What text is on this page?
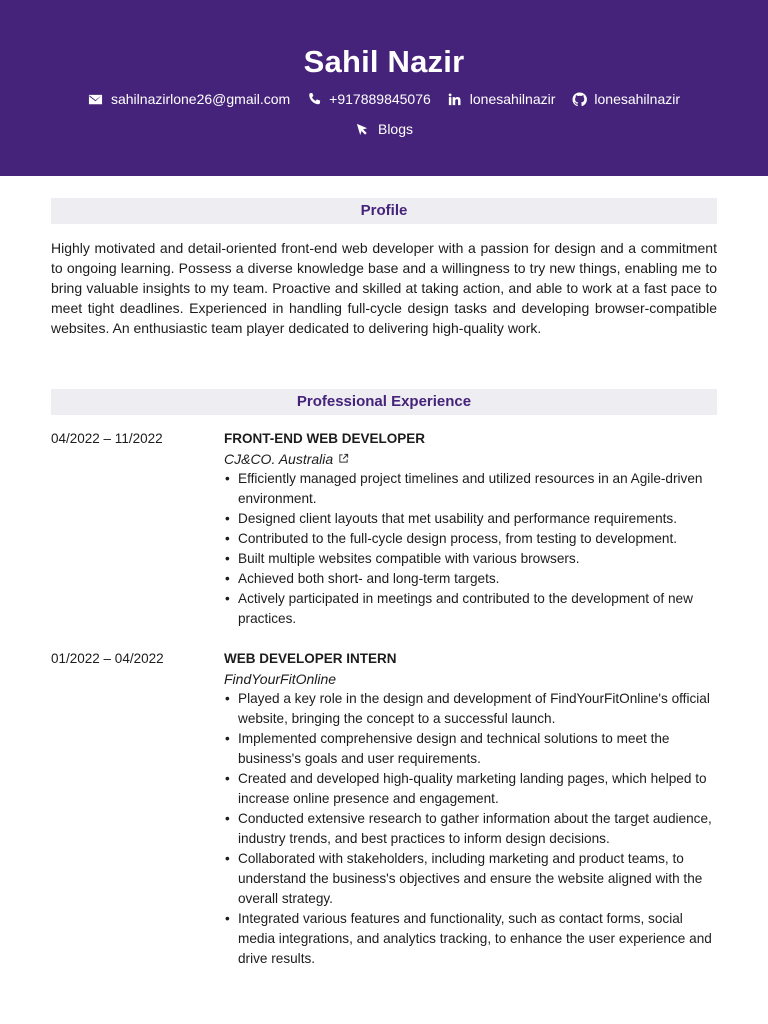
Sahil Nazir
sahilnazirlone26@gmail.com	+917889845076	lonesahilnazir	lonesahilnazir
Blogs
Profile
Highly motivated and detail-oriented front-end web developer with a passion for design and a commitment to ongoing learning. Possess a diverse knowledge base and a willingness to try new things, enabling me to bring valuable insights to my team. Proactive and skilled at taking action, and able to work at a fast pace to meet tight deadlines. Experienced in handling full-cycle design tasks and developing browser-compatible websites. An enthusiastic team player dedicated to delivering high-quality work.
Professional Experience
04/2022 – 11/2022	FRONT-END WEB DEVELOPER
CJ&CO. Australia
• Efficiently managed project timelines and utilized resources in an Agile-driven environment.
• Designed client layouts that met usability and performance requirements.
• Contributed to the full-cycle design process, from testing to development.
• Built multiple websites compatible with various browsers.
• Achieved both short- and long-term targets.
• Actively participated in meetings and contributed to the development of new practices.
01/2022 – 04/2022	WEB DEVELOPER INTERN
FindYourFitOnline
• Played a key role in the design and development of FindYourFitOnline's official website, bringing the concept to a successful launch.
• Implemented comprehensive design and technical solutions to meet the business's goals and user requirements.
• Created and developed high-quality marketing landing pages, which helped to increase online presence and engagement.
• Conducted extensive research to gather information about the target audience, industry trends, and best practices to inform design decisions.
• Collaborated with stakeholders, including marketing and product teams, to understand the business's objectives and ensure the website aligned with the overall strategy.
• Integrated various features and functionality, such as contact forms, social media integrations, and analytics tracking, to enhance the user experience and drive results.
